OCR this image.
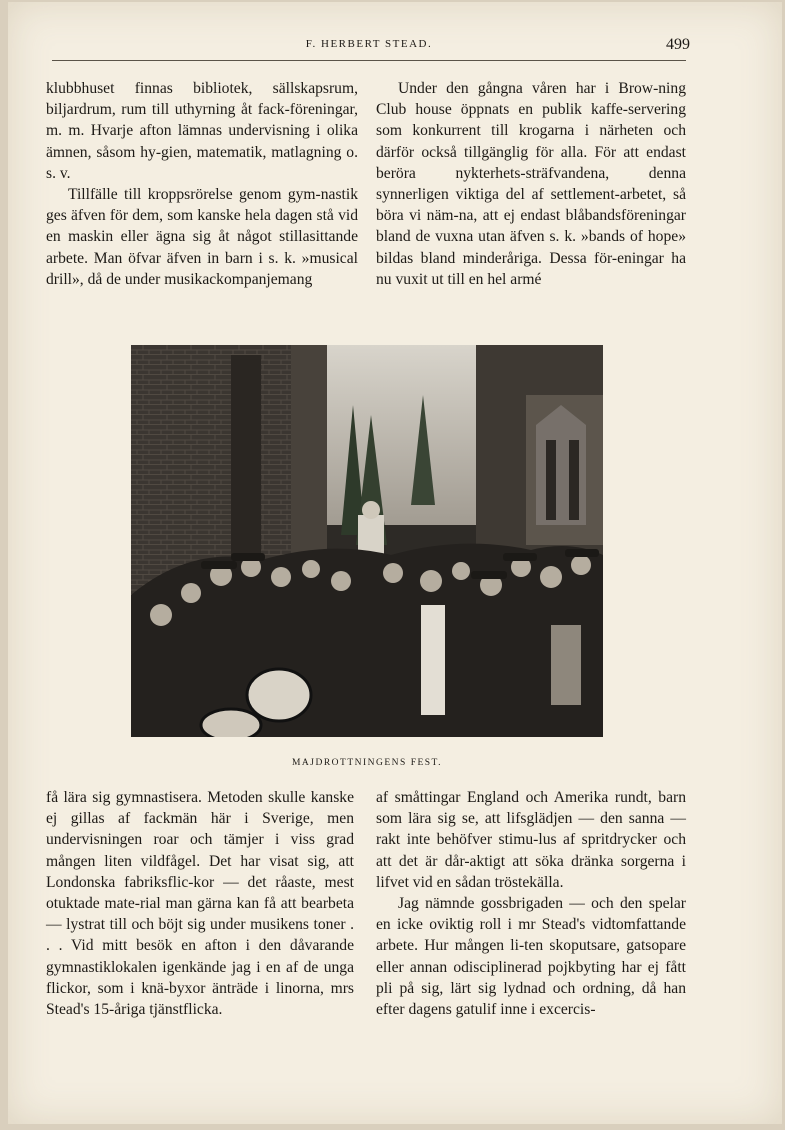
F. HERBERT STEAD.	499

klubbhuset finnas bibliotek, sällskapsrum, biljardrum, rum till uthyrning åt fack-föreningar, m. m. Hvarje afton lämnas undervisning i olika ämnen, såsom hy-gien, matematik, matlagning o. s. v.

Tillfälle till kroppsrörelse genom gym-nastik ges äfven för dem, som kanske hela dagen stå vid en maskin eller ägna sig åt något stillasittande arbete. Man öfvar äfven in barn i s. k. »musical drill», då de under musikackompanjemang

Under den gångna våren har i Brow-ning Club house öppnats en publik kaffe-servering som konkurrent till krogarna i närheten och därför också tillgänglig för alla. För att endast beröra nykterhets-sträfvandena, denna synnerligen viktiga del af settlement-arbetet, så böra vi näm-na, att ej endast blåbandsföreningar bland de vuxna utan äfven s. k. »bands of hope» bildas bland minderåriga. Dessa för-eningar ha nu vuxit ut till en hel armé

MAJDROTTNINGENS FEST.

få lära sig gymnastisera. Metoden skulle kanske ej gillas af fackmän här i Sverige, men undervisningen roar och tämjer i viss grad mången liten vildfågel. Det har visat sig, att Londonska fabriksflic-kor — det råaste, mest otuktade mate-rial man gärna kan få att bearbeta — lystrat till och böjt sig under musikens toner . . . Vid mitt besök en afton i den dåvarande gymnastiklokalen igenkände jag i en af de unga flickor, som i knä-byxor änträde i linorna, mrs Stead's 15-åriga tjänstflicka.

af småttingar England och Amerika rundt, barn som lära sig se, att lifsglädjen — den sanna — rakt inte behöfver stimu-lus af spritdrycker och att det är dår-aktigt att söka dränka sorgerna i lifvet vid en sådan tröstekälla.

Jag nämnde gossbrigaden — och den spelar en icke oviktig roll i mr Stead's vidtomfattande arbete. Hur mången li-ten skoputsare, gatsopare eller annan odisciplinerad pojkbyting har ej fått pli på sig, lärt sig lydnad och ordning, då han efter dagens gatulif inne i excercis-
